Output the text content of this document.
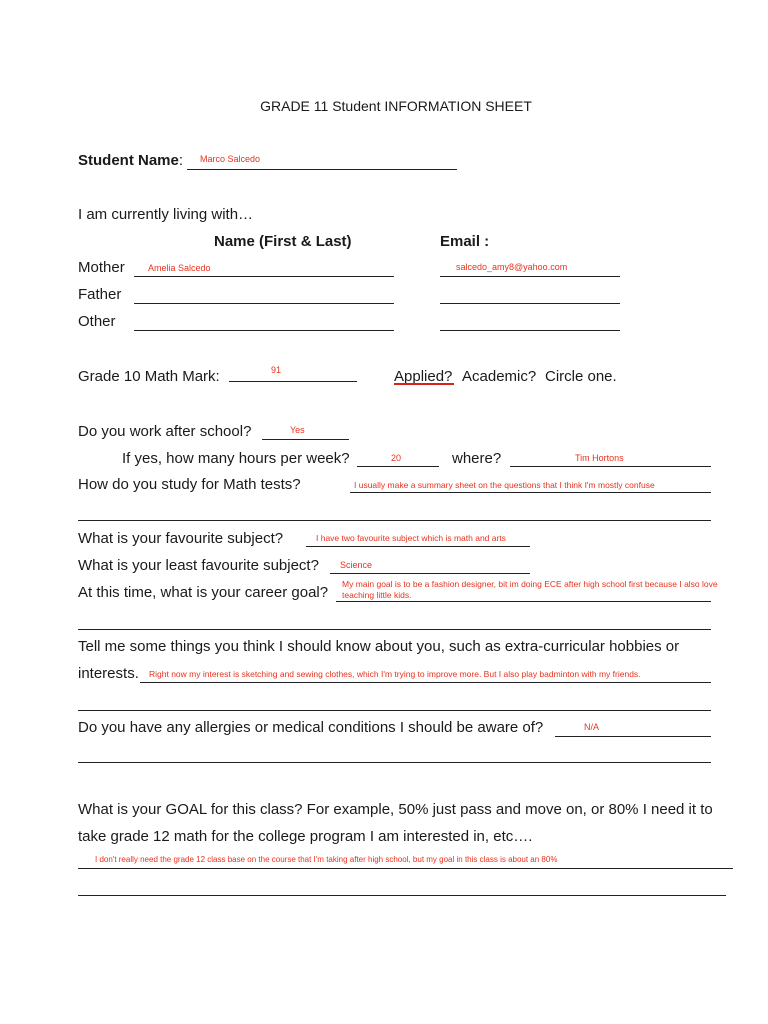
GRADE 11 Student INFORMATION SHEET
Student Name: Marco Salcedo
I am currently living with…
Name (First & Last)	Email :
Mother	Amelia Salcedo	salcedo_amy8@yahoo.com
Father
Other
Grade 10 Math Mark:	91	Applied? Academic? Circle one.
Do you work after school?	Yes
If yes, how many hours per week?	20	where?	Tim Hortons
How do you study for Math tests?	I usually make a summary sheet on the questions that I think I'm mostly confuse
What is your favourite subject?	I have two favourite subject which is math and arts
What is your least favourite subject? Science
At this time, what is your career goal? My main goal is to be a fashion designer, bit im doing ECE after high school first because I also love teaching little kids.
Tell me some things you think I should know about you, such as extra-curricular hobbies or
interests. Right now my interest is sketching and sewing clothes, which I'm trying to improve more. But I also play badminton with my friends.
Do you have any allergies or medical conditions I should be aware of?	N/A
What is your GOAL for this class? For example, 50% just pass and move on, or 80% I need it to
take grade 12 math for the college program I am interested in, etc….
I don't really need the grade 12 class base on the course that I'm taking after high school, but my goal in this class is about an 80%
